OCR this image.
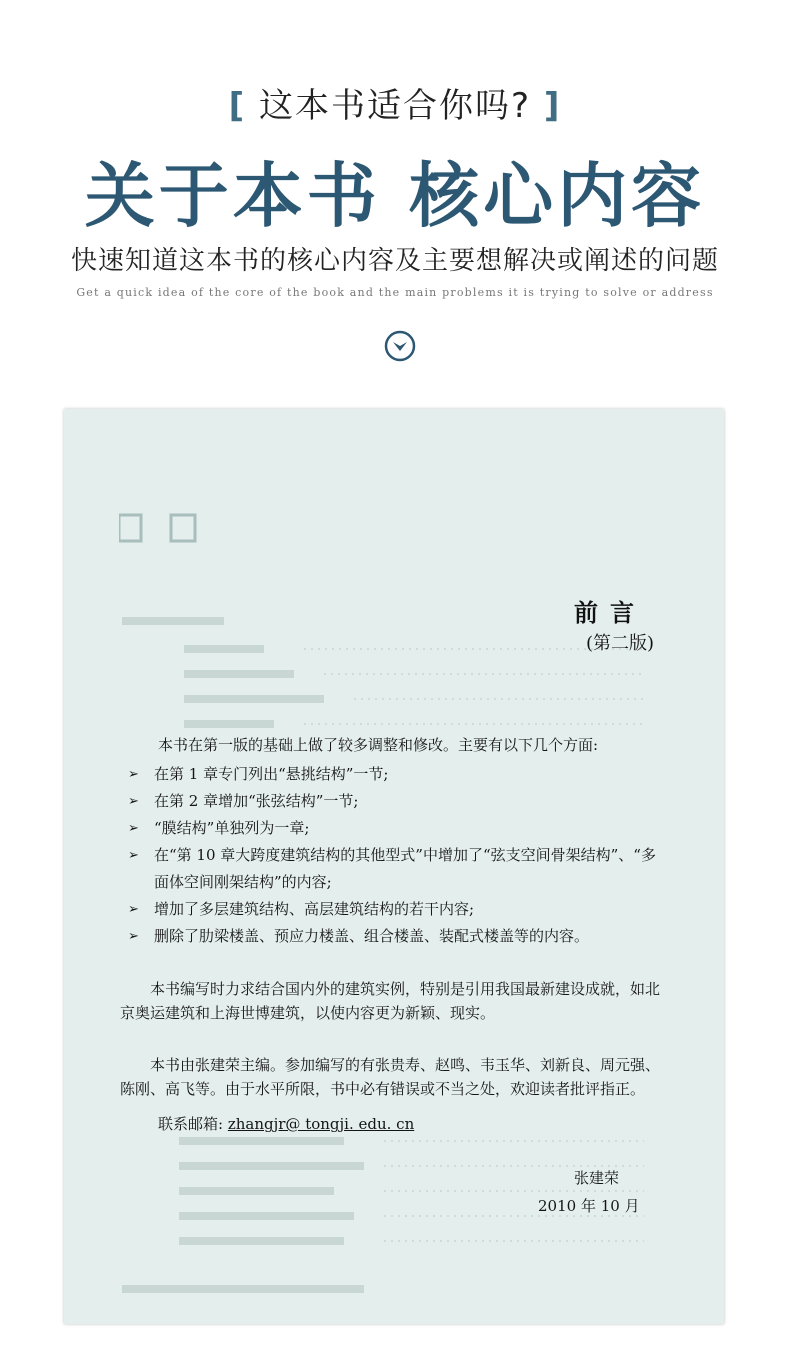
[ 这本书适合你吗? ]
关于本书 核心内容
快速知道这本书的核心内容及主要想解决或阐述的问题
Get a quick idea of the core of the book and the main problems it is trying to solve or address
前言
(第二版)
本书在第一版的基础上做了较多调整和修改。主要有以下几个方面:
➢ 在第 1 章专门列出“悬挑结构”一节;
➢ 在第 2 章增加“张弦结构”一节;
➢ “膜结构”单独列为一章;
➢ 在“第 10 章大跨度建筑结构的其他型式”中增加了“弦支空间骨架结构”、“多面体空间刚架结构”的内容;
➢ 增加了多层建筑结构、高层建筑结构的若干内容;
➢ 删除了肋梁楼盖、预应力楼盖、组合楼盖、装配式楼盖等的内容。
本书编写时力求结合国内外的建筑实例，特别是引用我国最新建设成就，如北京奥运建筑和上海世博建筑，以使内容更为新颖、现实。
本书由张建荣主编。参加编写的有张贵寿、赵鸣、韦玉华、刘新良、周元强、陈刚、高飞等。由于水平所限，书中必有错误或不当之处，欢迎读者批评指正。
联系邮箱: zhangjr@ tongji. edu. cn
张建荣
2010 年 10 月
